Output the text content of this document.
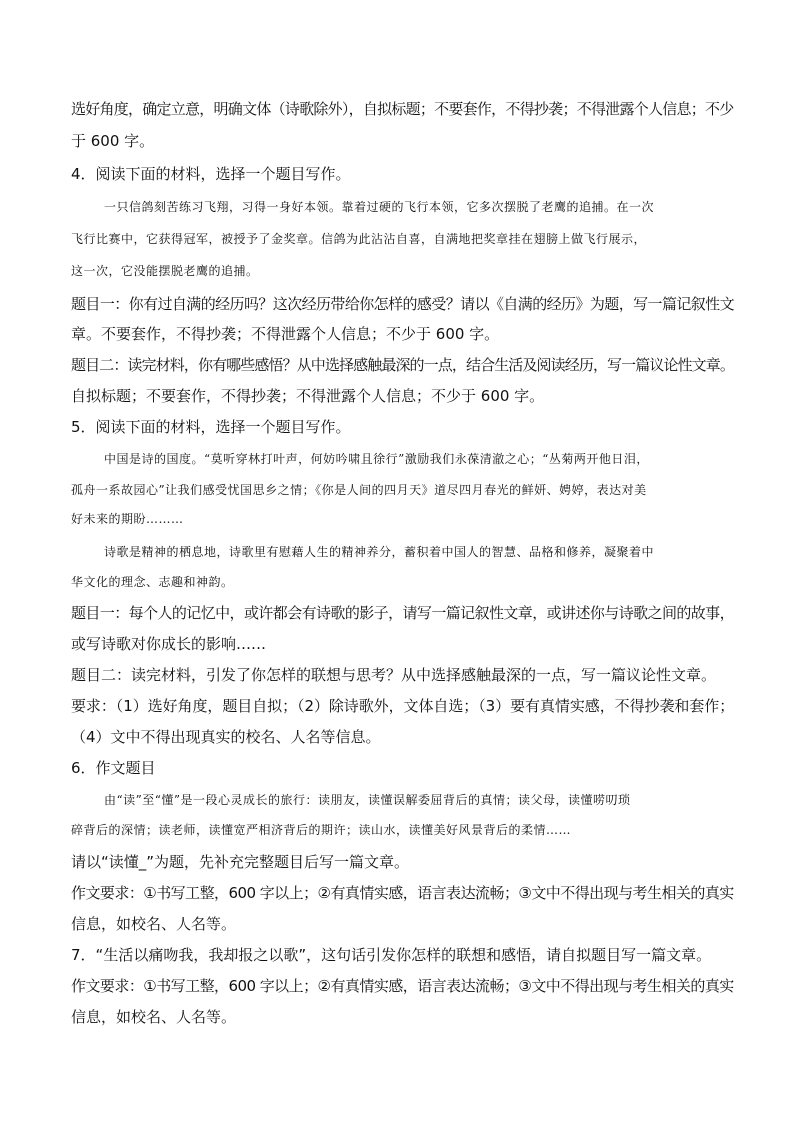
选好角度，确定立意，明确文体（诗歌除外），自拟标题；不要套作，不得抄袭；不得泄露个人信息；不少
于 600 字。
4．阅读下面的材料，选择一个题目写作。
一只信鸽刻苦练习飞翔，习得一身好本领。靠着过硬的飞行本领，它多次摆脱了老鹰的追捕。在一次
飞行比赛中，它获得冠军，被授予了金奖章。信鸽为此沾沾自喜，自满地把奖章挂在翅膀上做飞行展示，
这一次，它没能摆脱老鹰的追捕。
题目一：你有过自满的经历吗？这次经历带给你怎样的感受？请以《自满的经历》为题，写一篇记叙性文
章。不要套作，不得抄袭；不得泄露个人信息；不少于 600 字。
题目二：读完材料，你有哪些感悟？从中选择感触最深的一点，结合生活及阅读经历，写一篇议论性文章。
自拟标题；不要套作，不得抄袭；不得泄露个人信息；不少于 600 字。
5．阅读下面的材料，选择一个题目写作。
中国是诗的国度。“莫听穿林打叶声，何妨吟啸且徐行”激励我们永葆清澈之心；“丛菊两开他日泪，
孤舟一系故园心”让我们感受忧国思乡之情；《你是人间的四月天》道尽四月春光的鲜妍、娉婷，表达对美
好未来的期盼………
诗歌是精神的栖息地，诗歌里有慰藉人生的精神养分，蓄积着中国人的智慧、品格和修养，凝聚着中
华文化的理念、志趣和神韵。
题目一：每个人的记忆中，或许都会有诗歌的影子，请写一篇记叙性文章，或讲述你与诗歌之间的故事，
或写诗歌对你成长的影响……
题目二：读完材料，引发了你怎样的联想与思考？从中选择感触最深的一点，写一篇议论性文章。
要求：（1）选好角度，题目自拟；（2）除诗歌外，文体自选；（3）要有真情实感，不得抄袭和套作；
（4）文中不得出现真实的校名、人名等信息。
6．作文题目
由“读”至“懂”是一段心灵成长的旅行：读朋友，读懂误解委屈背后的真情；读父母，读懂唠叨琐
碎背后的深情；读老师，读懂宽严相济背后的期许；读山水，读懂美好风景背后的柔情……
请以“读懂_”为题，先补充完整题目后写一篇文章。
作文要求：①书写工整，600 字以上；②有真情实感，语言表达流畅；③文中不得出现与考生相关的真实
信息，如校名、人名等。
7．“生活以痛吻我，我却报之以歌”，这句话引发你怎样的联想和感悟，请自拟题目写一篇文章。
作文要求：①书写工整，600 字以上；②有真情实感，语言表达流畅；③文中不得出现与考生相关的真实
信息，如校名、人名等。
